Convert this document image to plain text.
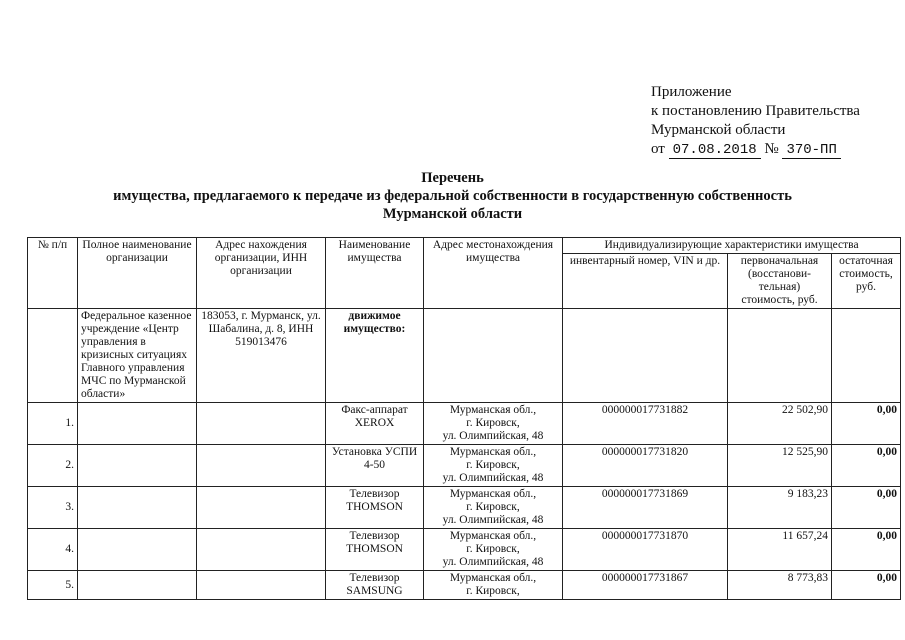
Приложение
к постановлению Правительства
Мурманской области
от 07.08.2018 № 370-ПП
Перечень
имущества, предлагаемого к передаче из федеральной собственности в государственную собственность
Мурманской области
№ п/п	Полное наименование организации	Адрес нахождения организации, ИНН организации	Наименование имущества	Адрес местонахождения имущества	Индивидуализирующие характеристики имущества		
					инвентарный номер, VIN и др.	первоначальная (восстанови-тельная) стоимость, руб.	остаточная стоимость, руб.
	Федеральное казенное учреждение «Центр управления в кризисных ситуациях Главного управления МЧС по Мурманской области»	183053, г. Мурманск, ул. Шабалина, д. 8, ИНН 519013476	движимое имущество:				
1.			Факс-аппарат XEROX	Мурманская обл.,
г. Кировск,
ул. Олимпийская, 48	000000017731882	22 502,90	0,00
2.			Установка УСПИ 4-50	Мурманская обл.,
г. Кировск,
ул. Олимпийская, 48	000000017731820	12 525,90	0,00
3.			Телевизор THOMSON	Мурманская обл.,
г. Кировск,
ул. Олимпийская, 48	000000017731869	9 183,23	0,00
4.			Телевизор THOMSON	Мурманская обл.,
г. Кировск,
ул. Олимпийская, 48	000000017731870	11 657,24	0,00
5.			Телевизор SAMSUNG	Мурманская обл.,
г. Кировск,	000000017731867	8 773,83	0,00
